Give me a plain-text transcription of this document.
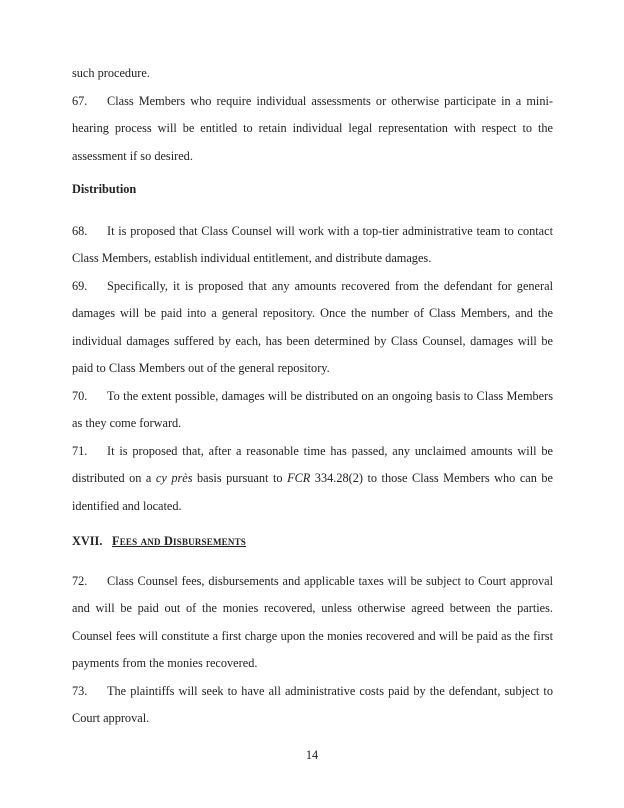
such procedure.

67. Class Members who require individual assessments or otherwise participate in a mini-hearing process will be entitled to retain individual legal representation with respect to the assessment if so desired.

Distribution

68. It is proposed that Class Counsel will work with a top-tier administrative team to contact Class Members, establish individual entitlement, and distribute damages.

69. Specifically, it is proposed that any amounts recovered from the defendant for general damages will be paid into a general repository. Once the number of Class Members, and the individual damages suffered by each, has been determined by Class Counsel, damages will be paid to Class Members out of the general repository.

70. To the extent possible, damages will be distributed on an ongoing basis to Class Members as they come forward.

71. It is proposed that, after a reasonable time has passed, any unclaimed amounts will be distributed on a cy près basis pursuant to FCR 334.28(2) to those Class Members who can be identified and located.

XVII. Fees and Disbursements

72. Class Counsel fees, disbursements and applicable taxes will be subject to Court approval and will be paid out of the monies recovered, unless otherwise agreed between the parties. Counsel fees will constitute a first charge upon the monies recovered and will be paid as the first payments from the monies recovered.

73. The plaintiffs will seek to have all administrative costs paid by the defendant, subject to Court approval.

14
